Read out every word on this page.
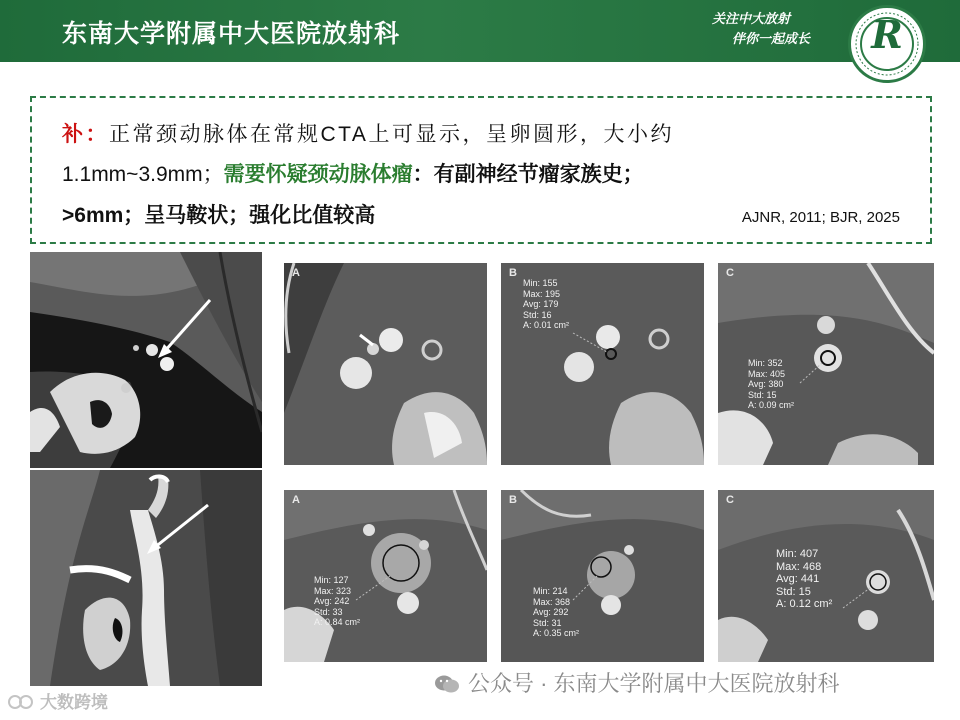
东南大学附属中大医院放射科	关注中大放射
伴你一起成长	R
补：正常颈动脉体在常规CTA上可显示，呈卵圆形，大小约
1.1mm~3.9mm；需要怀疑颈动脉体瘤：有副神经节瘤家族史；
>6mm；呈马鞍状；强化比值较高	AJNR, 2011; BJR, 2025
A	B
Min: 155
Max: 195
Avg: 179
Std: 16
A: 0.01 cm²
C
Min: 352
Max: 405
Avg: 380
Std: 15
A: 0.09 cm²
A
Min: 127
Max: 323
Avg: 242
Std: 33
A: 0.84 cm²
B
Min: 214
Max: 368
Avg: 292
Std: 31
A: 0.35 cm²
C
Min: 407
Max: 468
Avg: 441
Std: 15
A: 0.12 cm²
公众号 · 东南大学附属中大医院放射科
大数跨境
